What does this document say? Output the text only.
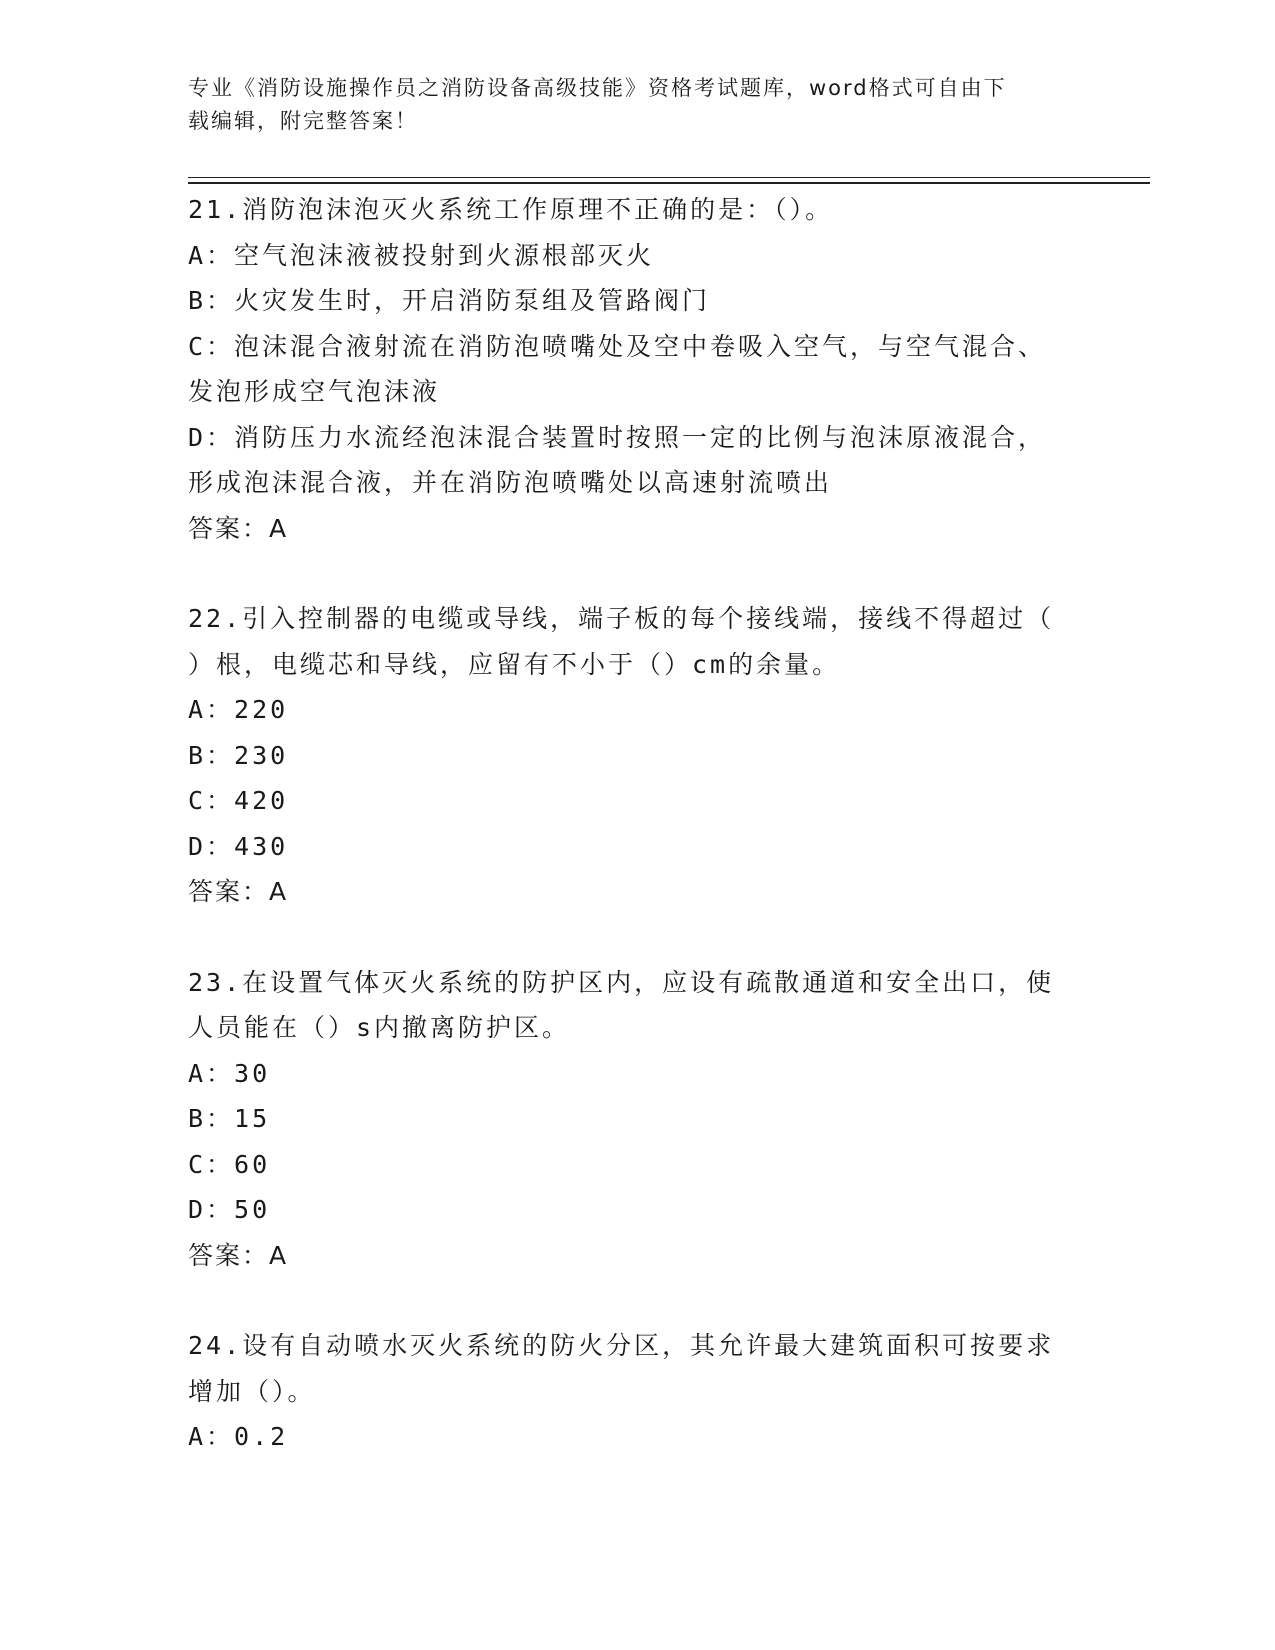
专业《消防设施操作员之消防设备高级技能》资格考试题库，word格式可自由下
载编辑，附完整答案！
21.消防泡沫泡灭火系统工作原理不正确的是：（）。
A：空气泡沫液被投射到火源根部灭火
B：火灾发生时，开启消防泵组及管路阀门
C：泡沫混合液射流在消防泡喷嘴处及空中卷吸入空气，与空气混合、
发泡形成空气泡沫液
D：消防压力水流经泡沫混合装置时按照一定的比例与泡沫原液混合，
形成泡沫混合液，并在消防泡喷嘴处以高速射流喷出
答案：A
22.引入控制器的电缆或导线，端子板的每个接线端，接线不得超过（
）根，电缆芯和导线，应留有不小于（）cm的余量。
A：220
B：230
C：420
D：430
答案：A
23.在设置气体灭火系统的防护区内，应设有疏散通道和安全出口，使
人员能在（）s内撤离防护区。
A：30
B：15
C：60
D：50
答案：A
24.设有自动喷水灭火系统的防火分区，其允许最大建筑面积可按要求
增加（）。
A：0.2
